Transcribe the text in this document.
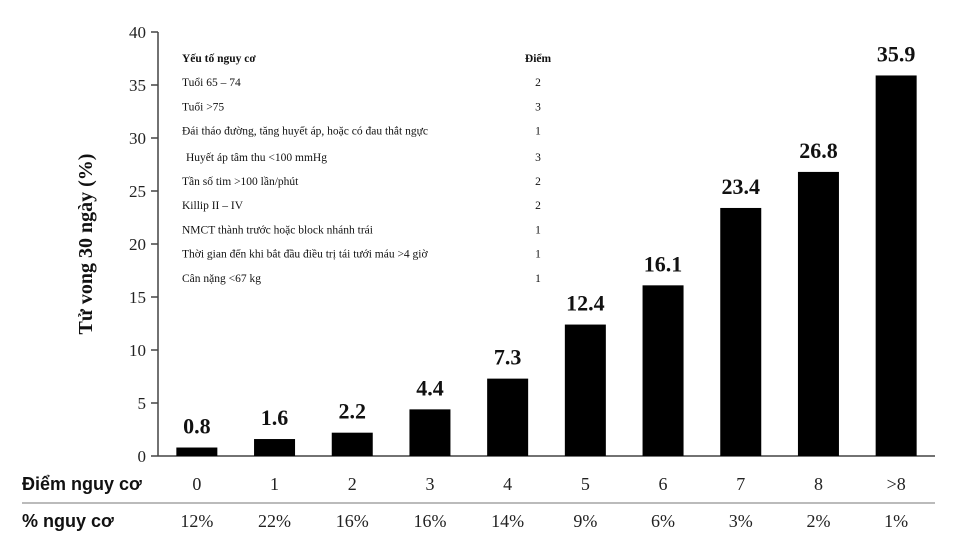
0
5
10
15
20
25
30
35
40
Tử vong 30 ngày (%)
0.8 1.6 2.2
4.4
7.3
12.4
16.1
23.4
26.8
35.9
Yếu tố nguy cơ	Điểm
Tuổi 65 – 74	2
Tuổi >75	3
Đái tháo đường, tăng huyết áp, hoặc có đau thắt ngực	1
Huyết áp tâm thu <100 mmHg	3
Tần số tim >100 lần/phút	2
Killip II – IV	2
NMCT thành trước hoặc block nhánh trái	1
Thời gian đến khi bắt đầu điều trị tái tưới máu >4 giờ	1
Cân nặng <67 kg	1
Điểm nguy cơ	0	1	2	3	4	5	6	7	8	>8
% nguy cơ	12% 22% 16% 16% 14%	9%	6%	3%	2%	1%
